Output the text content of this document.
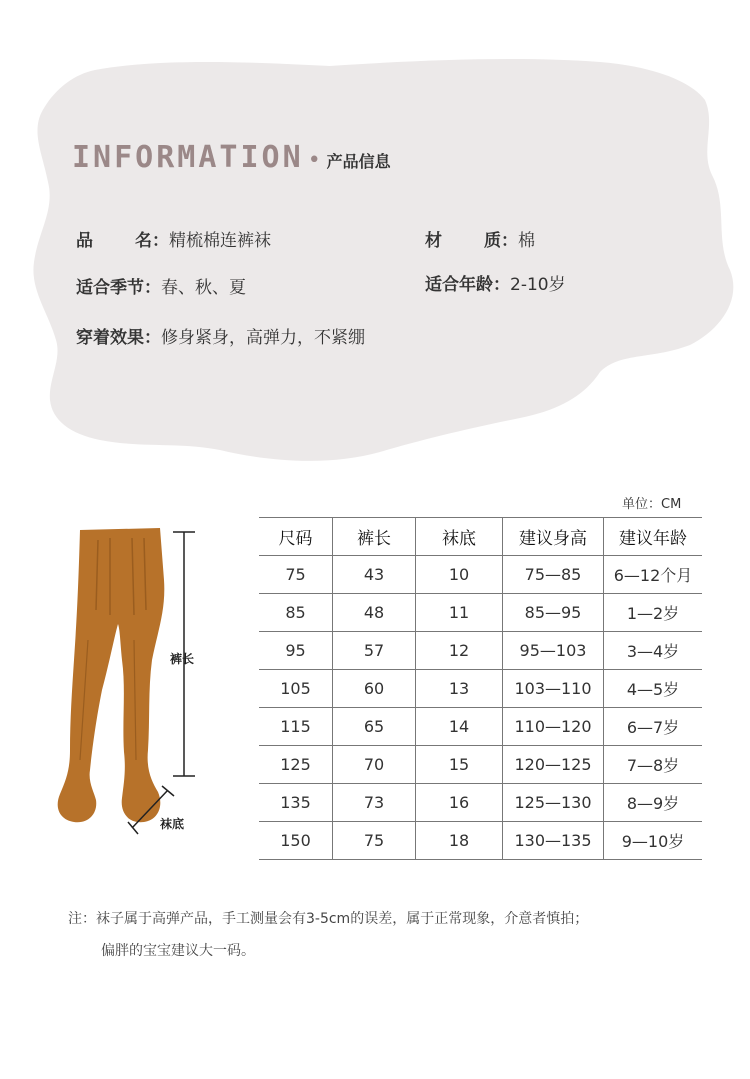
INFORMATION • 产品信息
品　　名：精梳棉连裤袜	材　　质：棉
适合季节：春、秋、夏	适合年龄：2-10岁
穿着效果：修身紧身，高弹力，不紧绷
单位：CM
裤长
袜底
尺码	裤长	袜底	建议身高	建议年龄
75	43	10	75—85	6—12个月
85	48	11	85—95	1—2岁
95	57	12	95—103	3—4岁
105	60	13	103—110	4—5岁
115	65	14	110—120	6—7岁
125	70	15	120—125	7—8岁
135	73	16	125—130	8—9岁
150	75	18	130—135	9—10岁
注：袜子属于高弹产品，手工测量会有3-5cm的误差，属于正常现象，介意者慎拍；
偏胖的宝宝建议大一码。
